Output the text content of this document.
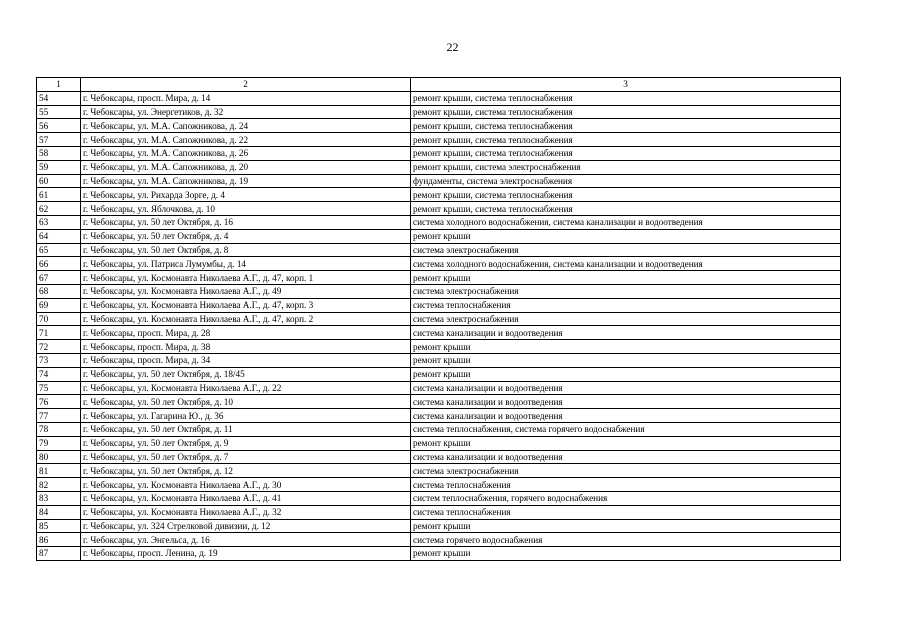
22
1	2	3
54	г. Чебоксары, просп. Мира, д. 14	ремонт крыши, система теплоснабжения
55	г. Чебоксары, ул. Энергетиков, д. 32	ремонт крыши, система теплоснабжения
56	г. Чебоксары, ул. М.А. Сапожникова, д. 24	ремонт крыши, система теплоснабжения
57	г. Чебоксары, ул. М.А. Сапожникова, д. 22	ремонт крыши, система теплоснабжения
58	г. Чебоксары, ул. М.А. Сапожникова, д. 26	ремонт крыши, система теплоснабжения
59	г. Чебоксары, ул. М.А. Сапожникова, д. 20	ремонт крыши, система электроснабжения
60	г. Чебоксары, ул. М.А. Сапожникова, д. 19	фундаменты, система электроснабжения
61	г. Чебоксары, ул. Рихарда Зорге, д. 4	ремонт крыши, система теплоснабжения
62	г. Чебоксары, ул. Яблочкова, д. 10	ремонт крыши, система теплоснабжения
63	г. Чебоксары, ул. 50 лет Октября, д. 16	система холодного водоснабжения, система канализации и водоотведения
64	г. Чебоксары, ул. 50 лет Октября, д. 4	ремонт крыши
65	г. Чебоксары, ул. 50 лет Октября, д. 8	система электроснабжения
66	г. Чебоксары, ул. Патриса Лумумбы, д. 14	система холодного водоснабжения, система канализации и водоотведения
67	г. Чебоксары, ул. Космонавта Николаева А.Г., д. 47, корп. 1	ремонт крыши
68	г. Чебоксары, ул. Космонавта Николаева А.Г., д. 49	система электроснабжения
69	г. Чебоксары, ул. Космонавта Николаева А.Г., д. 47, корп. 3	система теплоснабжения
70	г. Чебоксары, ул. Космонавта Николаева А.Г., д. 47, корп. 2	система электроснабжения
71	г. Чебоксары, просп. Мира, д. 28	система канализации и водоотведения
72	г. Чебоксары, просп. Мира, д. 38	ремонт крыши
73	г. Чебоксары, просп. Мира, д. 34	ремонт крыши
74	г. Чебоксары, ул. 50 лет Октября, д. 18/45	ремонт крыши
75	г. Чебоксары, ул. Космонавта Николаева А.Г., д. 22	система канализации и водоотведения
76	г. Чебоксары, ул. 50 лет Октября, д. 10	система канализации и водоотведения
77	г. Чебоксары, ул. Гагарина Ю., д. 36	система канализации и водоотведения
78	г. Чебоксары, ул. 50 лет Октября, д. 11	система теплоснабжения, система горячего водоснабжения
79	г. Чебоксары, ул. 50 лет Октября, д. 9	ремонт крыши
80	г. Чебоксары, ул. 50 лет Октября, д. 7	система канализации и водоотведения
81	г. Чебоксары, ул. 50 лет Октября, д. 12	система электроснабжения
82	г. Чебоксары, ул. Космонавта Николаева А.Г., д. 30	система теплоснабжения
83	г. Чебоксары, ул. Космонавта Николаева А.Г., д. 41	систем теплоснабжения, горячего водоснабжения
84	г. Чебоксары, ул. Космонавта Николаева А.Г., д. 32	система теплоснабжения
85	г. Чебоксары, ул. 324 Стрелковой дивизии, д. 12	ремонт крыши
86	г. Чебоксары, ул. Энгельса, д. 16	система горячего водоснабжения
87	г. Чебоксары, просп. Ленина, д. 19	ремонт крыши
